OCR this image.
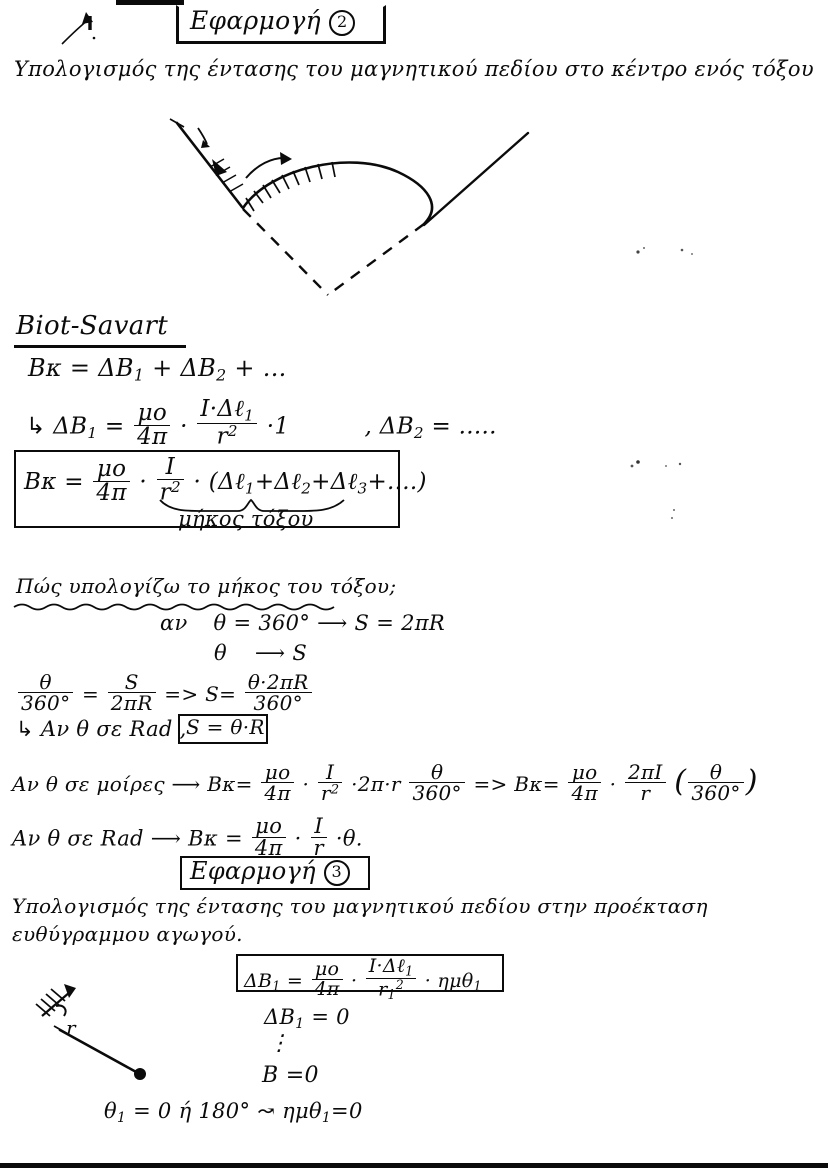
Εφαρμογή 2
Υπολογισμός της έντασης του μαγνητικού πεδίου στο κέντρο ενός τόξου
Biot-Savart
$B\kappa = \Delta B_1 + \Delta B_2$ + ...
↳ $\Delta B_1 = \frac{\mu o}{4\pi} \cdot \frac{I\cdot\Delta\ell_1}{r^2} \cdot 1$	, $\Delta B_2$ = .....
$B\kappa = \frac{\mu o}{4\pi} \cdot \frac{I}{r^2}$ · (Δℓ$_1$+Δℓ$_2$+Δℓ$_3$+....)
μήκος τόξου
Πώς υπολογίζω το μήκος του τόξου;
αν θ = 360° ⟶ S = 2πR
θ ⟶ S
$\frac{\theta}{360^\circ} = \frac{S}{2\pi R} => S= \frac{\theta\cdot 2\pi R}{360^\circ}$
↳ Αν θ σε Rad , S = θ·R
Αν θ σε μοίρες ⟶ $B\kappa= \frac{\mu o}{4\pi} \cdot \frac{I}{r^2} \cdot 2\pi\cdot r \frac{\theta}{360^\circ} => B\kappa= \frac{\mu o}{4\pi} \cdot \frac{2\pi I}{r}$ ( $\frac{\theta}{360^\circ}$ )
Αν θ σε Rad ⟶ $B\kappa = \frac{\mu o}{4\pi} \cdot \frac{I}{r} \cdot\theta$.
Εφαρμογή 3
Υπολογισμός της έντασης του μαγνητικού πεδίου στην προέκταση
ευθύγραμμου αγωγού.
r
$\Delta B_1 = \frac{\mu o}{4\pi} \cdot \frac{I\cdot\Delta\ell_1}{r_1^2} \cdot \eta\mu\theta_1$
$\Delta B_1 = 0$
⋮
Β =0
$\theta_1 = 0$ ή 180° ↝ ημθ$_1$=0
